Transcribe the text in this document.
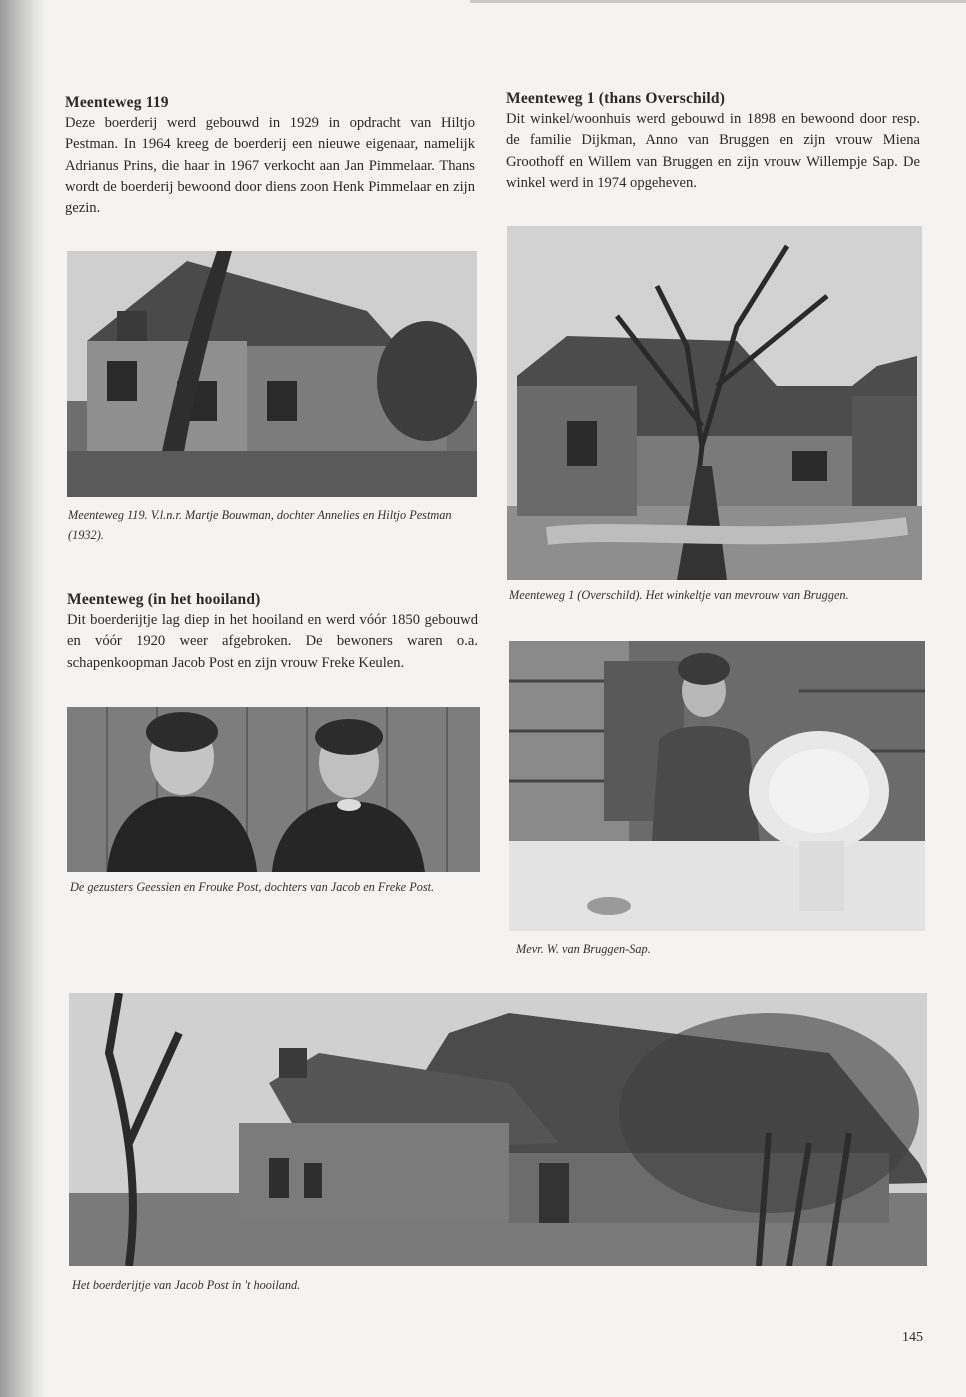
Meenteweg 119
Deze boerderij werd gebouwd in 1929 in opdracht van Hiltjo Pestman. In 1964 kreeg de boerderij een nieuwe eigenaar, namelijk Adrianus Prins, die haar in 1967 verkocht aan Jan Pimmelaar. Thans wordt de boerderij bewoond door diens zoon Henk Pimmelaar en zijn gezin.
Meenteweg 1 (thans Overschild)
Dit winkel/woonhuis werd gebouwd in 1898 en bewoond door resp. de familie Dijkman, Anno van Bruggen en zijn vrouw Miena Groothoff en Willem van Bruggen en zijn vrouw Willempje Sap. De winkel werd in 1974 opgeheven.
Meenteweg 119. V.l.n.r. Martje Bouwman, dochter Annelies en Hiltjo Pestman (1932).
Meenteweg 1 (Overschild). Het winkeltje van mevrouw van Bruggen.
Meenteweg (in het hooiland)
Dit boerderijtje lag diep in het hooiland en werd vóór 1850 gebouwd en vóór 1920 weer afgebroken. De bewoners waren o.a. schapenkoopman Jacob Post en zijn vrouw Freke Keulen.
De gezusters Geessien en Frouke Post, dochters van Jacob en Freke Post.
Mevr. W. van Bruggen-Sap.
Het boerderijtje van Jacob Post in 't hooiland.
145
